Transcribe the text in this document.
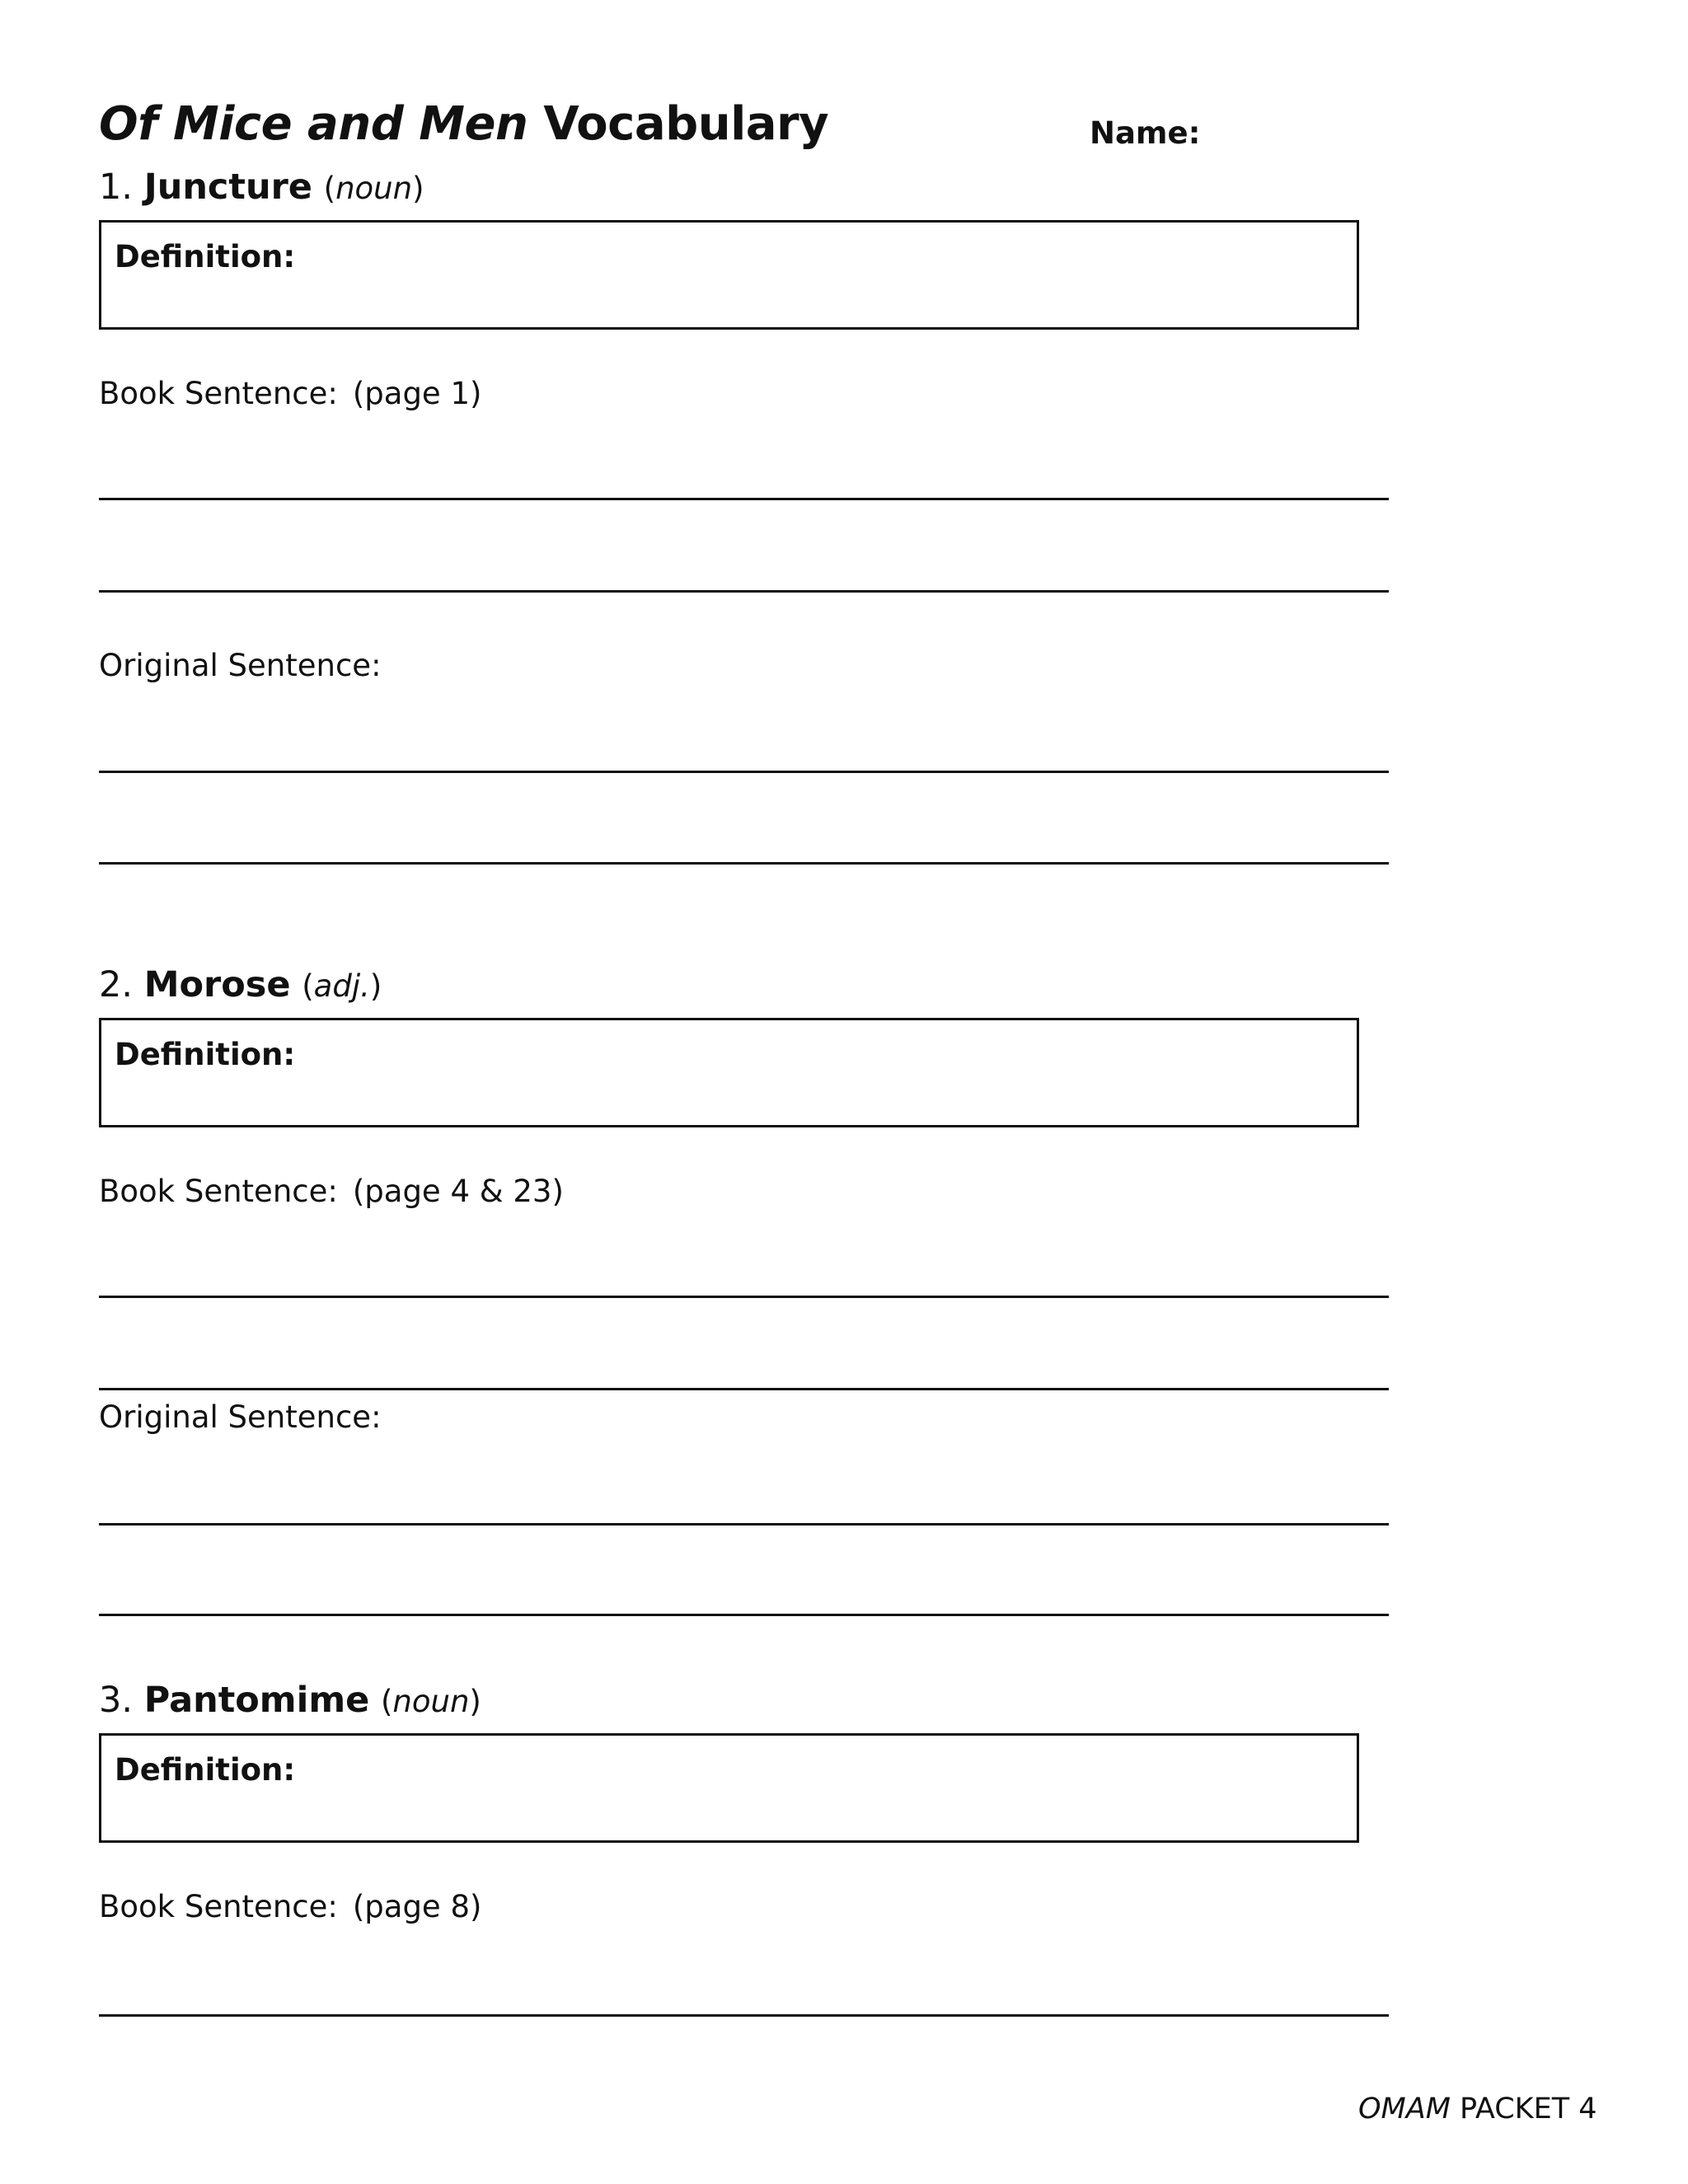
Of Mice and Men Vocabulary	Name:
1. Juncture (noun)
Definition:
Book Sentence: (page 1)
Original Sentence:
2. Morose (adj.)
Definition:
Book Sentence: (page 4 & 23)
Original Sentence:
3. Pantomime (noun)
Definition:
Book Sentence: (page 8)
OMAM PACKET 4
